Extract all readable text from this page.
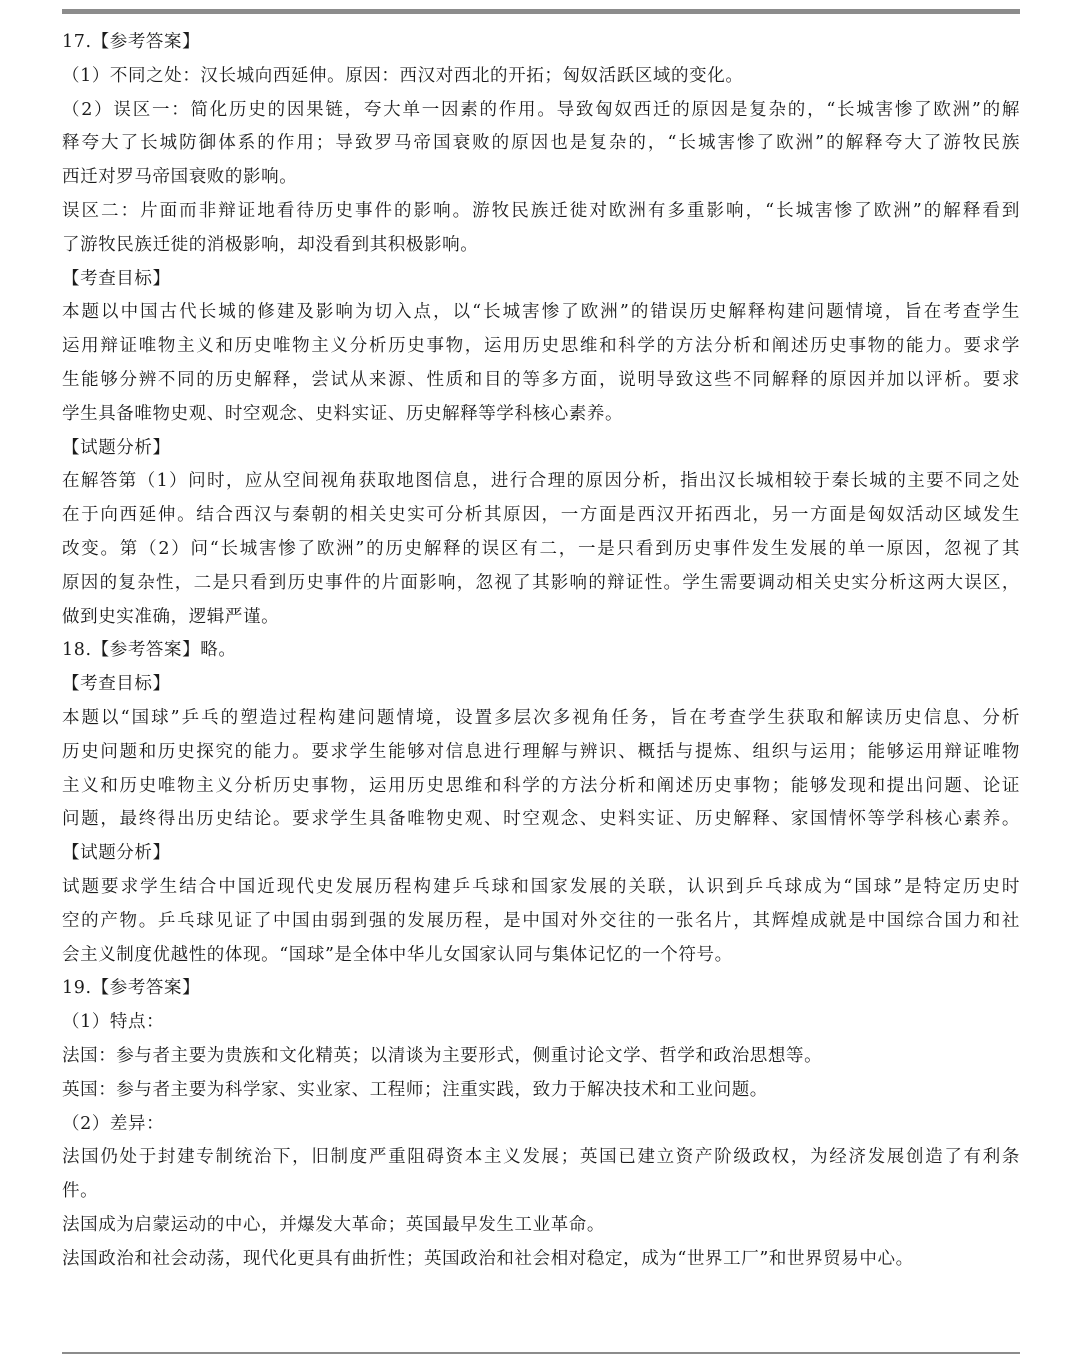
17.【参考答案】
（1）不同之处：汉长城向西延伸。原因：西汉对西北的开拓；匈奴活跃区域的变化。
（2）误区一：简化历史的因果链，夸大单一因素的作用。导致匈奴西迁的原因是复杂的，“长城害惨了欧洲”的解
释夸大了长城防御体系的作用；导致罗马帝国衰败的原因也是复杂的，“长城害惨了欧洲”的解释夸大了游牧民族
西迁对罗马帝国衰败的影响。
误区二：片面而非辩证地看待历史事件的影响。游牧民族迁徙对欧洲有多重影响，“长城害惨了欧洲”的解释看到
了游牧民族迁徙的消极影响，却没看到其积极影响。
【考查目标】
本题以中国古代长城的修建及影响为切入点，以“长城害惨了欧洲”的错误历史解释构建问题情境，旨在考查学生
运用辩证唯物主义和历史唯物主义分析历史事物，运用历史思维和科学的方法分析和阐述历史事物的能力。要求学
生能够分辨不同的历史解释，尝试从来源、性质和目的等多方面，说明导致这些不同解释的原因并加以评析。要求
学生具备唯物史观、时空观念、史料实证、历史解释等学科核心素养。
【试题分析】
在解答第（1）问时，应从空间视角获取地图信息，进行合理的原因分析，指出汉长城相较于秦长城的主要不同之处
在于向西延伸。结合西汉与秦朝的相关史实可分析其原因，一方面是西汉开拓西北，另一方面是匈奴活动区域发生
改变。第（2）问“长城害惨了欧洲”的历史解释的误区有二，一是只看到历史事件发生发展的单一原因，忽视了其
原因的复杂性，二是只看到历史事件的片面影响，忽视了其影响的辩证性。学生需要调动相关史实分析这两大误区，
做到史实准确，逻辑严谨。
18.【参考答案】略。
【考查目标】
本题以“国球”乒乓的塑造过程构建问题情境，设置多层次多视角任务，旨在考查学生获取和解读历史信息、分析
历史问题和历史探究的能力。要求学生能够对信息进行理解与辨识、概括与提炼、组织与运用；能够运用辩证唯物
主义和历史唯物主义分析历史事物，运用历史思维和科学的方法分析和阐述历史事物；能够发现和提出问题、论证
问题，最终得出历史结论。要求学生具备唯物史观、时空观念、史料实证、历史解释、家国情怀等学科核心素养。
【试题分析】
试题要求学生结合中国近现代史发展历程构建乒乓球和国家发展的关联，认识到乒乓球成为“国球”是特定历史时
空的产物。乒乓球见证了中国由弱到强的发展历程，是中国对外交往的一张名片，其辉煌成就是中国综合国力和社
会主义制度优越性的体现。“国球”是全体中华儿女国家认同与集体记忆的一个符号。
19.【参考答案】
（1）特点：
法国：参与者主要为贵族和文化精英；以清谈为主要形式，侧重讨论文学、哲学和政治思想等。
英国：参与者主要为科学家、实业家、工程师；注重实践，致力于解决技术和工业问题。
（2）差异：
法国仍处于封建专制统治下，旧制度严重阻碍资本主义发展；英国已建立资产阶级政权，为经济发展创造了有利条
件。
法国成为启蒙运动的中心，并爆发大革命；英国最早发生工业革命。
法国政治和社会动荡，现代化更具有曲折性；英国政治和社会相对稳定，成为“世界工厂”和世界贸易中心。
